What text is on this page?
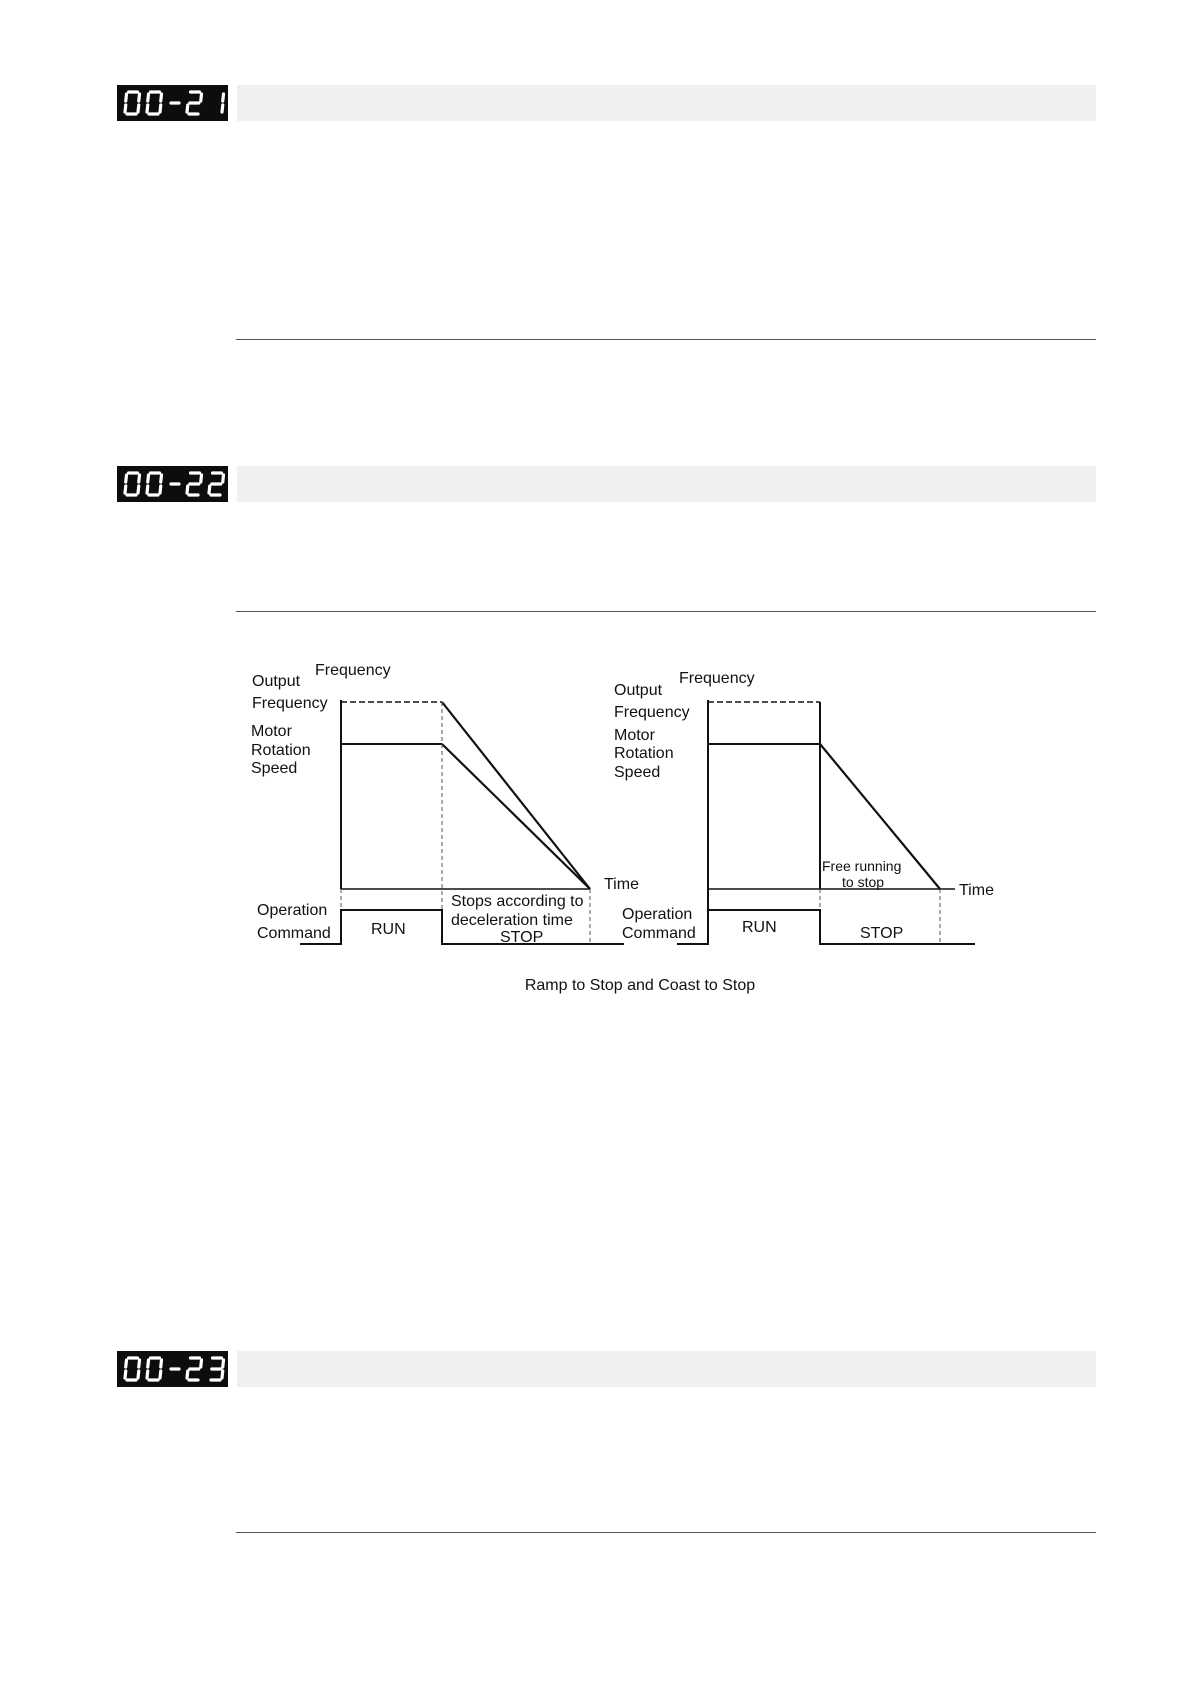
Frequency
Output
Frequency
Motor
Rotation
Speed
Time
Operation
Command	RUN
Stops according to
deceleration time
STOP
Frequency
Output
Frequency
Motor
Rotation
Speed
Free running
to stop	Time
Operation
Command	RUN	STOP
Ramp to Stop and Coast to Stop
